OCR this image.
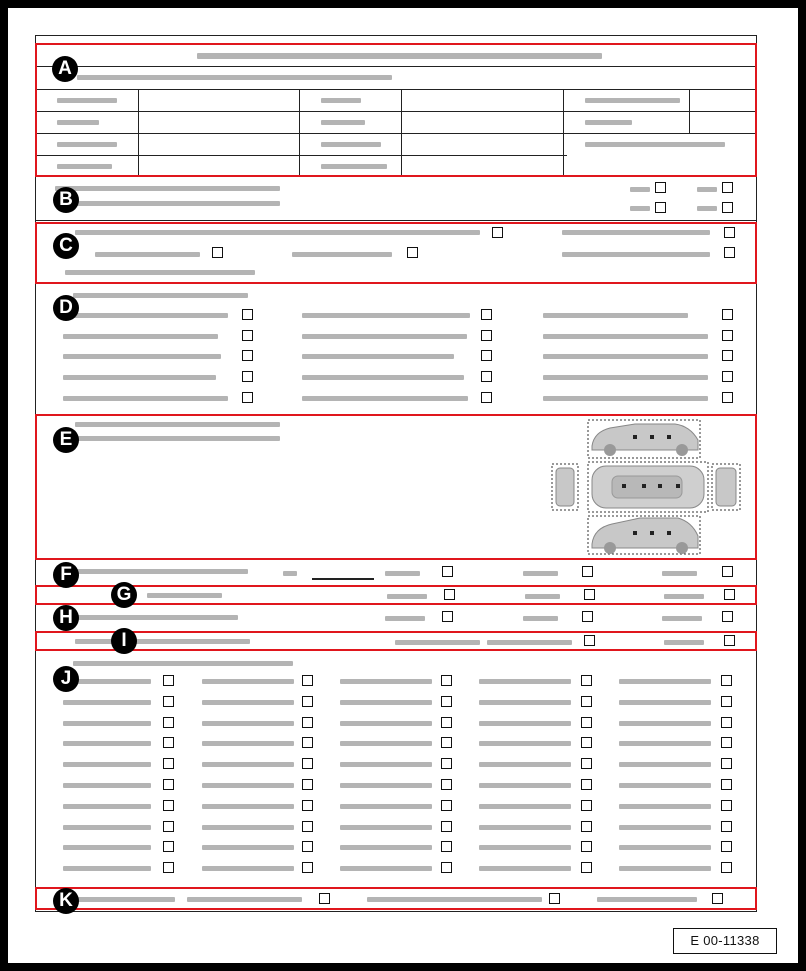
A
B
C
D
E
F
G
H
I
J
K
E 00-11338
